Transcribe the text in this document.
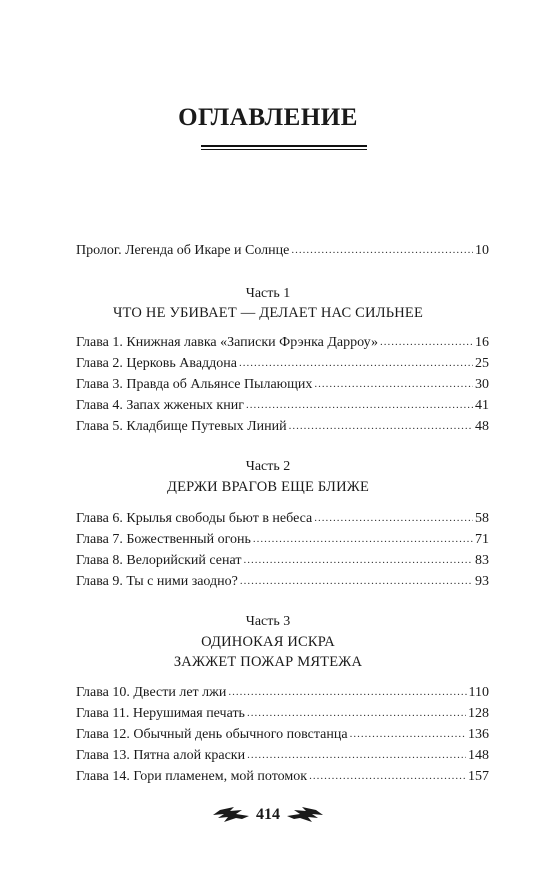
ОГЛАВЛЕНИЕ
Пролог. Легенда об Икаре и Солнце .....	10
Часть 1
ЧТО НЕ УБИВАЕТ — ДЕЛАЕТ НАС СИЛЬНЕЕ
Глава 1. Книжная лавка «Записки Фрэнка Дарроу» .....	16
Глава 2. Церковь Аваддона .....	25
Глава 3. Правда об Альянсе Пылающих .....	30
Глава 4. Запах жженых книг .....	41
Глава 5. Кладбище Путевых Линий .....	48
Часть 2
ДЕРЖИ ВРАГОВ ЕЩЕ БЛИЖЕ
Глава 6. Крылья свободы бьют в небеса .....	58
Глава 7. Божественный огонь .....	71
Глава 8. Велорийский сенат .....	83
Глава 9. Ты с ними заодно? .....	93
Часть 3
ОДИНОКАЯ ИСКРА
ЗАЖЖЕТ ПОЖАР МЯТЕЖА
Глава 10. Двести лет лжи .....	110
Глава 11. Нерушимая печать .....	128
Глава 12. Обычный день обычного повстанца .....	136
Глава 13. Пятна алой краски .....	148
Глава 14. Гори пламенем, мой потомок .....	157
414
